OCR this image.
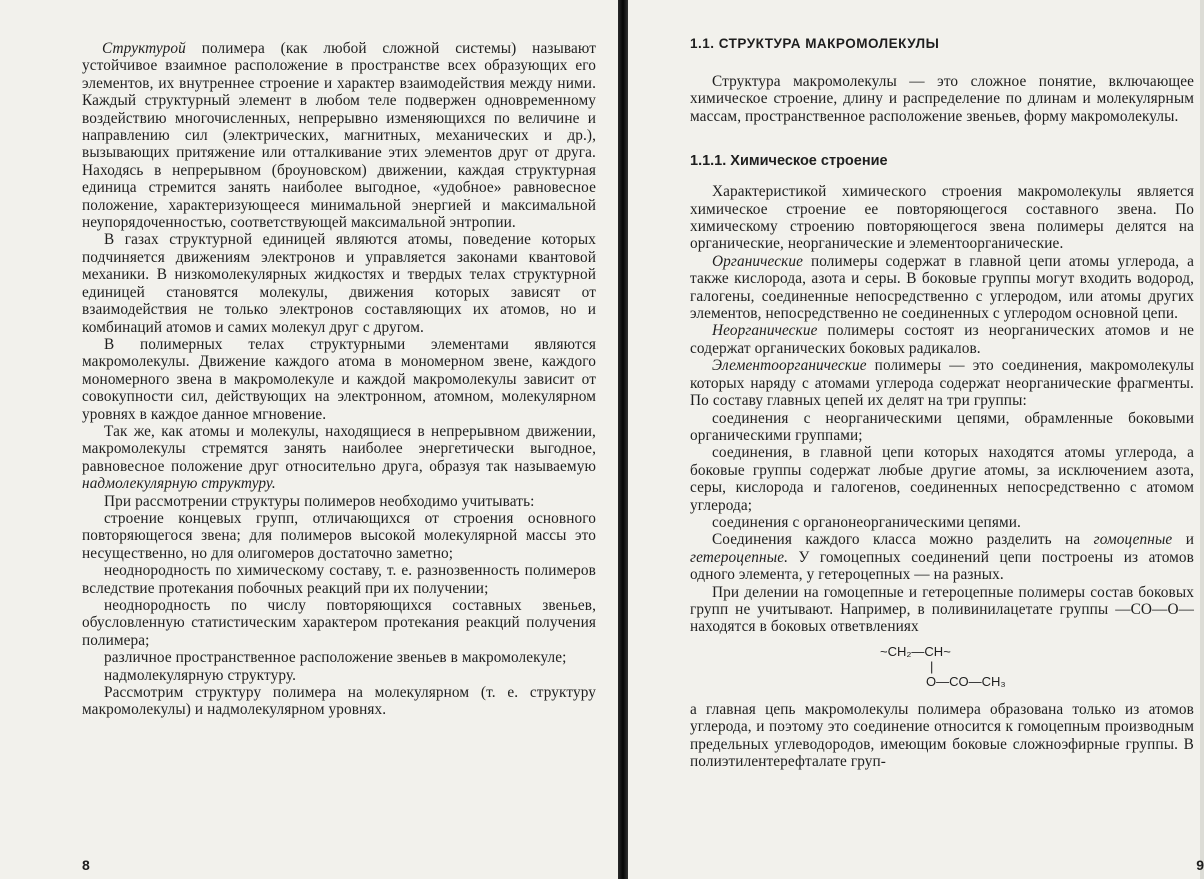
Структурой полимера (как любой сложной системы) называют устойчивое взаимное расположение в пространстве всех образующих его элементов, их внутреннее строение и характер взаимодействия между ними. Каждый структурный элемент в любом теле подвержен одновременному воздействию многочисленных, непрерывно изменяющихся по величине и направлению сил (электрических, магнитных, механических и др.), вызывающих притяжение или отталкивание этих элементов друг от друга. Находясь в непрерывном (броуновском) движении, каждая структурная единица стремится занять наиболее выгодное, «удобное» равновесное положение, характеризующееся минимальной энергией и максимальной неупорядоченностью, соответствующей максимальной энтропии.

В газах структурной единицей являются атомы, поведение которых подчиняется движениям электронов и управляется законами квантовой механики. В низкомолекулярных жидкостях и твердых телах структурной единицей становятся молекулы, движения которых зависят от взаимодействия не только электронов составляющих их атомов, но и комбинаций атомов и самих молекул друг с другом.

В полимерных телах структурными элементами являются макромолекулы. Движение каждого атома в мономерном звене, каждого мономерного звена в макромолекуле и каждой макромолекулы зависит от совокупности сил, действующих на электронном, атомном, молекулярном уровнях в каждое данное мгновение.

Так же, как атомы и молекулы, находящиеся в непрерывном движении, макромолекулы стремятся занять наиболее энергетически выгодное, равновесное положение друг относительно друга, образуя так называемую надмолекулярную структуру.

При рассмотрении структуры полимеров необходимо учитывать:

строение концевых групп, отличающихся от строения основного повторяющегося звена; для полимеров высокой молекулярной массы это несущественно, но для олигомеров достаточно заметно;

неоднородность по химическому составу, т. е. разнозвенность полимеров вследствие протекания побочных реакций при их получении;

неоднородность по числу повторяющихся составных звеньев, обусловленную статистическим характером протекания реакций получения полимера;

различное пространственное расположение звеньев в макромолекуле;

надмолекулярную структуру.

Рассмотрим структуру полимера на молекулярном (т. е. структуру макромолекулы) и надмолекулярном уровнях.

8
1.1. СТРУКТУРА МАКРОМОЛЕКУЛЫ

Структура макромолекулы — это сложное понятие, включающее химическое строение, длину и распределение по длинам и молекулярным массам, пространственное расположение звеньев, форму макромолекулы.

1.1.1. Химическое строение

Характеристикой химического строения макромолекулы является химическое строение ее повторяющегося составного звена. По химическому строению повторяющегося звена полимеры делятся на органические, неорганические и элементоорганические.

Органические полимеры содержат в главной цепи атомы углерода, а также кислорода, азота и серы. В боковые группы могут входить водород, галогены, соединенные непосредственно с углеродом, или атомы других элементов, непосредственно не соединенных с углеродом основной цепи.

Неорганические полимеры состоят из неорганических атомов и не содержат органических боковых радикалов.

Элементоорганические полимеры — это соединения, макромолекулы которых наряду с атомами углерода содержат неорганические фрагменты. По составу главных цепей их делят на три группы:

соединения с неорганическими цепями, обрамленные боковыми органическими группами;

соединения, в главной цепи которых находятся атомы углерода, а боковые группы содержат любые другие атомы, за исключением азота, серы, кислорода и галогенов, соединенных непосредственно с атомом углерода;

соединения с органонеорганическими цепями.

Соединения каждого класса можно разделить на гомоцепные и гетероцепные. У гомоцепных соединений цепи построены из атомов одного элемента, у гетероцепных — на разных.

При делении на гомоцепные и гетероцепные полимеры состав боковых групп не учитывают. Например, в поливинилацетате группы —CO—O— находятся в боковых ответвлениях

~CH₂—CH~
|
O—CO—CH₃

а главная цепь макромолекулы полимера образована только из атомов углерода, и поэтому это соединение относится к гомоцепным производным предельных углеводородов, имеющим боковые сложноэфирные группы. В полиэтилентерефталате груп-

9
